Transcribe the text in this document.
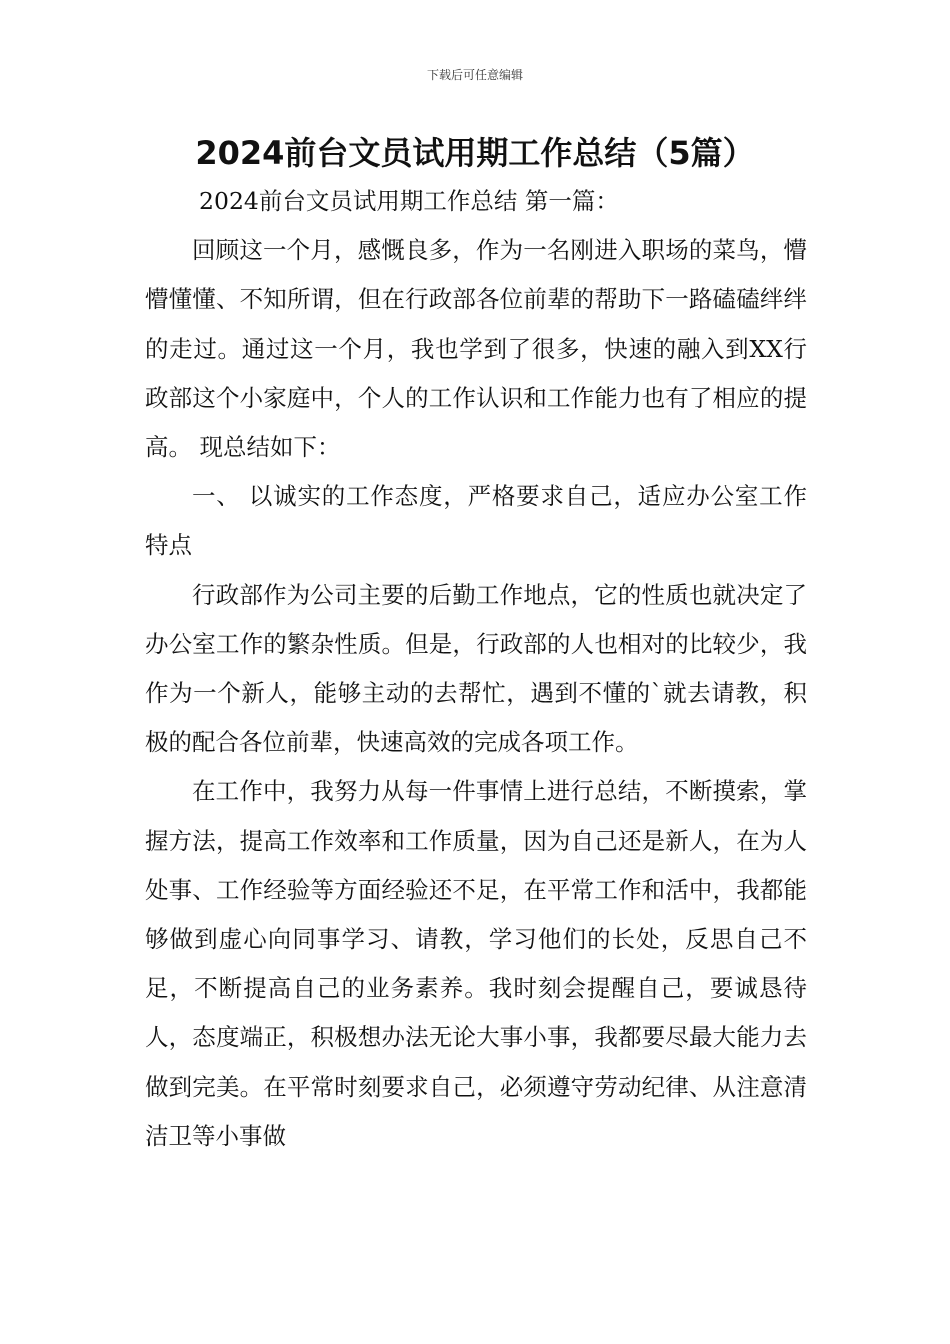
下载后可任意编辑
2024前台文员试用期工作总结（5篇）

2024前台文员试用期工作总结 第一篇：

回顾这一个月，感慨良多，作为一名刚进入职场的菜鸟，懵懵懂懂、不知所谓，但在行政部各位前辈的帮助下一路磕磕绊绊的走过。通过这一个月，我也学到了很多，快速的融入到XX行政部这个小家庭中，个人的工作认识和工作能力也有了相应的提高。 现总结如下：

一、 以诚实的工作态度，严格要求自己，适应办公室工作特点

行政部作为公司主要的后勤工作地点，它的性质也就决定了办公室工作的繁杂性质。但是，行政部的人也相对的比较少，我作为一个新人，能够主动的去帮忙，遇到不懂的`就去请教，积极的配合各位前辈，快速高效的完成各项工作。

在工作中，我努力从每一件事情上进行总结，不断摸索，掌握方法，提高工作效率和工作质量，因为自己还是新人，在为人处事、工作经验等方面经验还不足，在平常工作和活中，我都能够做到虚心向同事学习、请教，学习他们的长处，反思自己不足，不断提高自己的业务素养。我时刻会提醒自己，要诚恳待人，态度端正，积极想办法无论大事小事，我都要尽最大能力去做到完美。在平常时刻要求自己，必须遵守劳动纪律、从注意清洁卫等小事做
